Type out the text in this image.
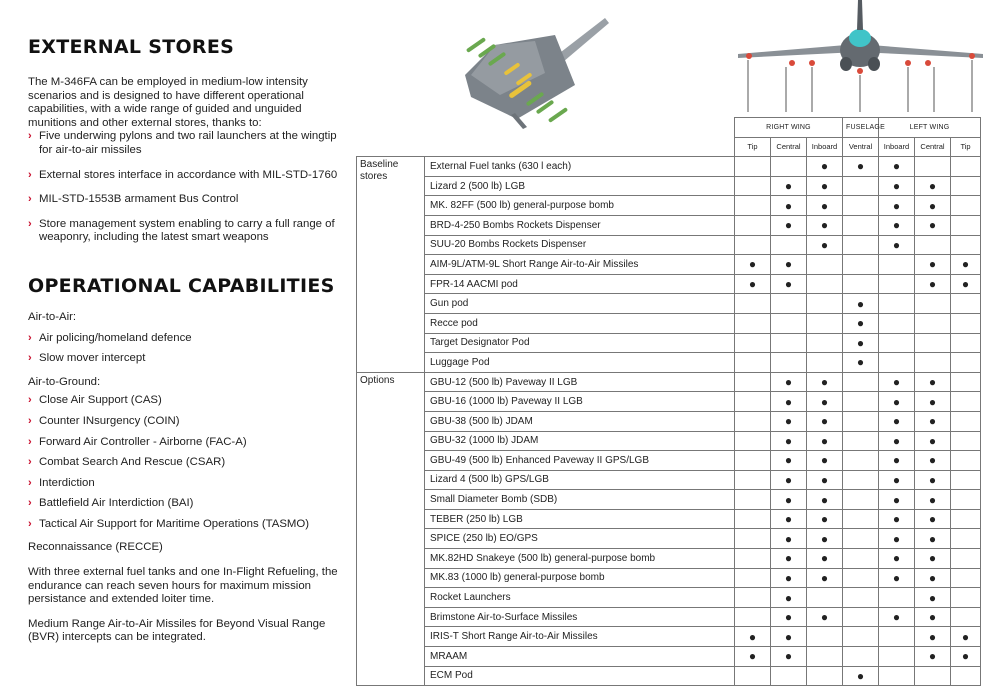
EXTERNAL STORES

The M-346FA can be employed in medium-low intensity scenarios and is designed to have different operational capabilities, with a wide range of guided and unguided munitions and other external stores, thanks to:

› Five underwing pylons and two rail launchers at the wingtip for air-to-air missiles
› External stores interface in accordance with MIL-STD-1760
› MIL-STD-1553B armament Bus Control
› Store management system enabling to carry a full range of weaponry, including the latest smart weapons
OPERATIONAL CAPABILITIES

Air-to-Air:

› Air policing/homeland defence
› Slow mover intercept

Air-to-Ground:

› Close Air Support (CAS)
› Counter INsurgency (COIN)
› Forward Air Controller - Airborne (FAC-A)
› Combat Search And Rescue (CSAR)
› Interdiction
› Battlefield Air Interdiction (BAI)
› Tactical Air Support for Maritime Operations (TASMO)

Reconnaissance (RECCE)

With three external fuel tanks and one In-Flight Refueling, the endurance can reach seven hours for maximum mission persistance and extended loiter time.

Medium Range Air-to-Air Missiles for Beyond Visual Range (BVR) intercepts can be integrated.

		RIGHT WING			FUSELAGE	LEFT WING		
		Tip	Central	Inboard	Ventral	Inboard	Central	Tip
Baseline stores	External Fuel tanks (630 l each)			●	●	●		
	Lizard 2 (500 lb) LGB		●	●		●	●	
	MK. 82FF (500 lb) general-purpose bomb		●	●		●	●	
	BRD-4-250 Bombs Rockets Dispenser		●	●		●	●	
	SUU-20 Bombs Rockets Dispenser			●		●		
	AIM-9L/ATM-9L Short Range Air-to-Air Missiles	●	●				●	●
	FPR-14 AACMI pod	●	●				●	●
	Gun pod				●			
	Recce pod				●			
	Target Designator Pod				●			
	Luggage Pod				●			
Options	GBU-12 (500 lb) Paveway II LGB		●	●		●	●	
	GBU-16 (1000 lb) Paveway II LGB		●	●		●	●	
	GBU-38 (500 lb) JDAM		●	●		●	●	
	GBU-32 (1000 lb) JDAM		●	●		●	●	
	GBU-49 (500 lb) Enhanced Paveway II GPS/LGB		●	●		●	●	
	Lizard 4 (500 lb) GPS/LGB		●	●		●	●	
	Small Diameter Bomb (SDB)		●	●		●	●	
	TEBER (250 lb) LGB		●	●		●	●	
	SPICE (250 lb) EO/GPS		●	●		●	●	
	MK.82HD Snakeye (500 lb) general-purpose bomb		●	●		●	●	
	MK.83 (1000 lb) general-purpose bomb		●	●		●	●	
	Rocket Launchers		●				●	
	Brimstone Air-to-Surface Missiles		●	●		●	●	
	IRIS-T Short Range Air-to-Air Missiles	●	●				●	●
	MRAAM	●	●				●	●
	ECM Pod				●			
